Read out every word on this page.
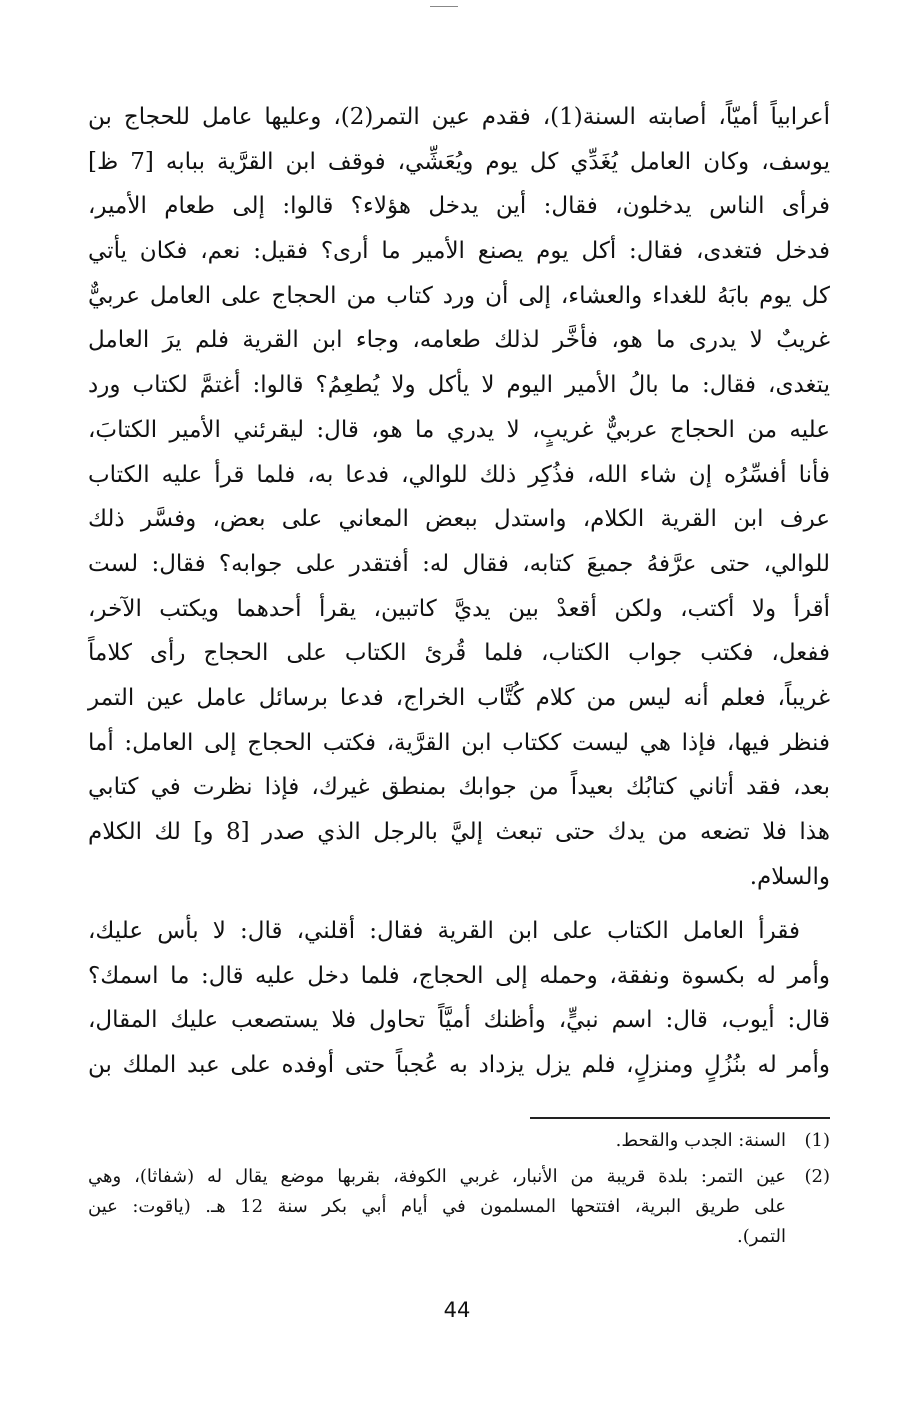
أعرابياً أميّاً، أصابته السنة(1)، فقدم عين التمر(2)، وعليها عامل للحجاج بن
يوسف، وكان العامل يُغَدِّي كل يوم ويُعَشِّي، فوقف ابن القرَّية ببابه [7 ظ]
فرأى الناس يدخلون، فقال: أين يدخل هؤلاء؟ قالوا: إلى طعام الأمير،
فدخل فتغدى، فقال: أكل يوم يصنع الأمير ما أرى؟ فقيل: نعم، فكان يأتي
كل يوم بابَهُ للغداء والعشاء، إلى أن ورد كتاب من الحجاج على العامل عربيٌّ
غريبٌ لا يدرى ما هو، فأخَّر لذلك طعامه، وجاء ابن القرية فلم يرَ العامل
يتغدى، فقال: ما بالُ الأمير اليوم لا يأكل ولا يُطعِمُ؟ قالوا: أغتمَّ لكتاب ورد
عليه من الحجاج عربيٌّ غريبٍ، لا يدري ما هو، قال: ليقرئني الأمير الكتابَ،
فأنا أفسِّرُه إن شاء الله، فذُكِر ذلك للوالي، فدعا به، فلما قرأ عليه الكتاب
عرف ابن القرية الكلام، واستدل ببعض المعاني على بعض، وفسَّر ذلك
للوالي، حتى عرَّفهُ جميعَ كتابه، فقال له: أفتقدر على جوابه؟ فقال: لست
أقرأ ولا أكتب، ولكن أقعدْ بين يديَّ كاتبين، يقرأ أحدهما ويكتب الآخر،
ففعل، فكتب جواب الكتاب، فلما قُرئ الكتاب على الحجاج رأى كلاماً
غريباً، فعلم أنه ليس من كلام كُتَّاب الخراج، فدعا برسائل عامل عين التمر
فنظر فيها، فإذا هي ليست ككتاب ابن القرَّية، فكتب الحجاج إلى العامل: أما
بعد، فقد أتاني كتابُك بعيداً من جوابك بمنطق غيرك، فإذا نظرت في كتابي
هذا فلا تضعه من يدك حتى تبعث إليَّ بالرجل الذي صدر [8 و] لك الكلام
والسلام.
فقرأ العامل الكتاب على ابن القرية فقال: أقلني، قال: لا بأس عليك،
وأمر له بكسوة ونفقة، وحمله إلى الحجاج، فلما دخل عليه قال: ما اسمك؟
قال: أيوب، قال: اسم نبيٍّ، وأظنك أميَّاً تحاول فلا يستصعب عليك المقال،
وأمر له بنُزُلٍ ومنزلٍ، فلم يزل يزداد به عُجباً حتى أوفده على عبد الملك بن
(1)
السنة: الجدب والقحط.
(2)
عين التمر: بلدة قريبة من الأنبار، غربي الكوفة، بقربها موضع يقال له (شفاثا)، وهي
على طريق البرية، افتتحها المسلمون في أيام أبي بكر سنة 12 هـ. (ياقوت: عين
التمر).
44
